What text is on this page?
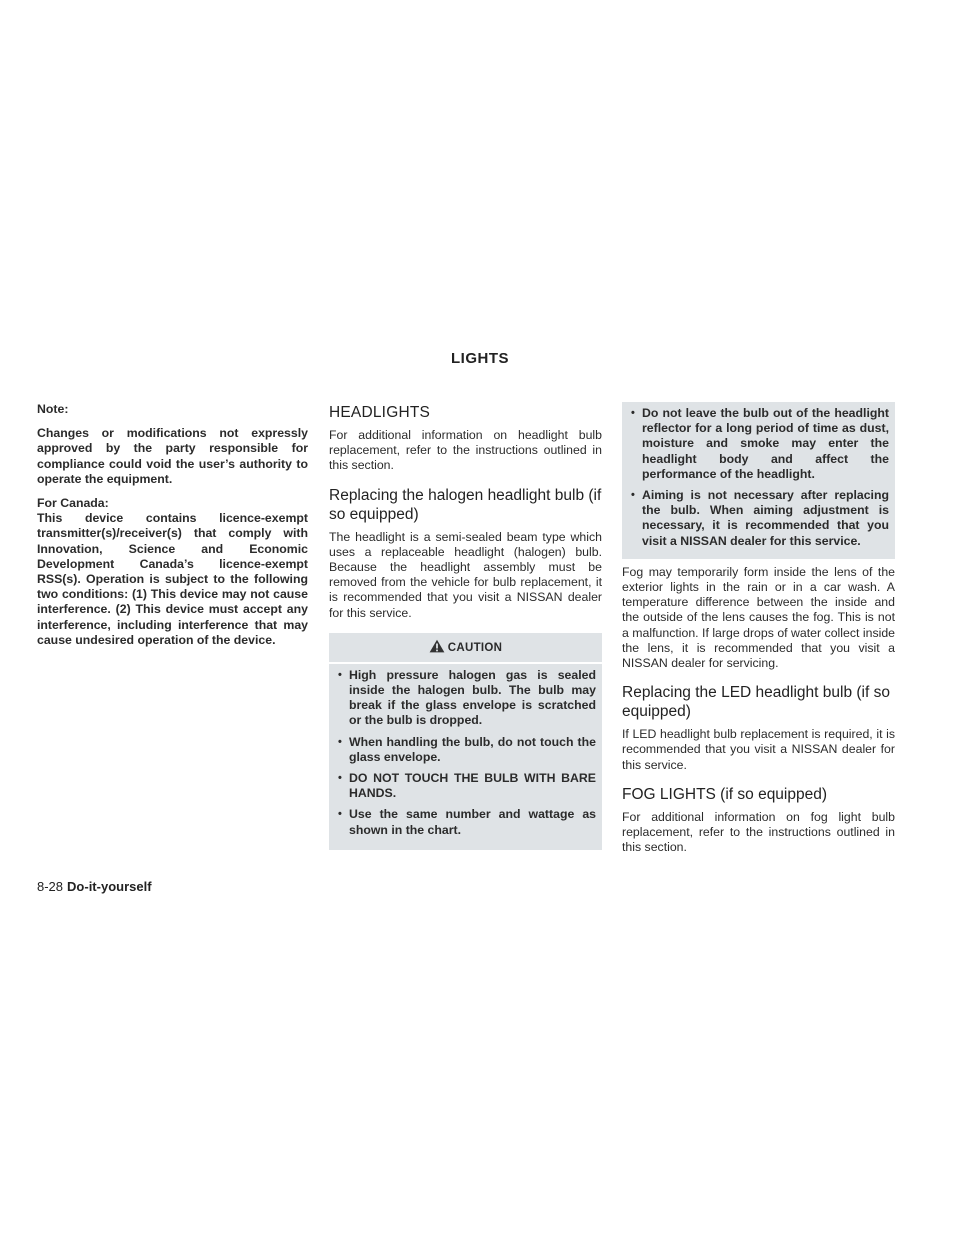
LIGHTS

Note:

Changes or modifications not expressly approved by the party responsible for compliance could void the user’s authority to operate the equipment.

For Canada:

This device contains licence-exempt transmitter(s)/receiver(s) that comply with Innovation, Science and Economic Development Canada’s licence-exempt RSS(s). Operation is subject to the following two conditions: (1) This device may not cause interference. (2) This device must accept any interference, including interference that may cause undesired operation of the device.

HEADLIGHTS

For additional information on headlight bulb replacement, refer to the instructions outlined in this section.

Replacing the halogen headlight bulb (if so equipped)

The headlight is a semi-sealed beam type which uses a replaceable headlight (halogen) bulb. Because the headlight assembly must be removed from the vehicle for bulb replacement, it is recommended that you visit a NISSAN dealer for this service.

CAUTION
• High pressure halogen gas is sealed inside the halogen bulb. The bulb may break if the glass envelope is scratched or the bulb is dropped.
• When handling the bulb, do not touch the glass envelope.
• DO NOT TOUCH THE BULB WITH BARE HANDS.
• Use the same number and wattage as shown in the chart.
• Do not leave the bulb out of the headlight reflector for a long period of time as dust, moisture and smoke may enter the headlight body and affect the performance of the headlight.
• Aiming is not necessary after replacing the bulb. When aiming adjustment is necessary, it is recommended that you visit a NISSAN dealer for this service.

Fog may temporarily form inside the lens of the exterior lights in the rain or in a car wash. A temperature difference between the inside and the outside of the lens causes the fog. This is not a malfunction. If large drops of water collect inside the lens, it is recommended that you visit a NISSAN dealer for servicing.

Replacing the LED headlight bulb (if so equipped)

If LED headlight bulb replacement is required, it is recommended that you visit a NISSAN dealer for this service.

FOG LIGHTS (if so equipped)

For additional information on fog light bulb replacement, refer to the instructions outlined in this section.

8-28 Do-it-yourself
